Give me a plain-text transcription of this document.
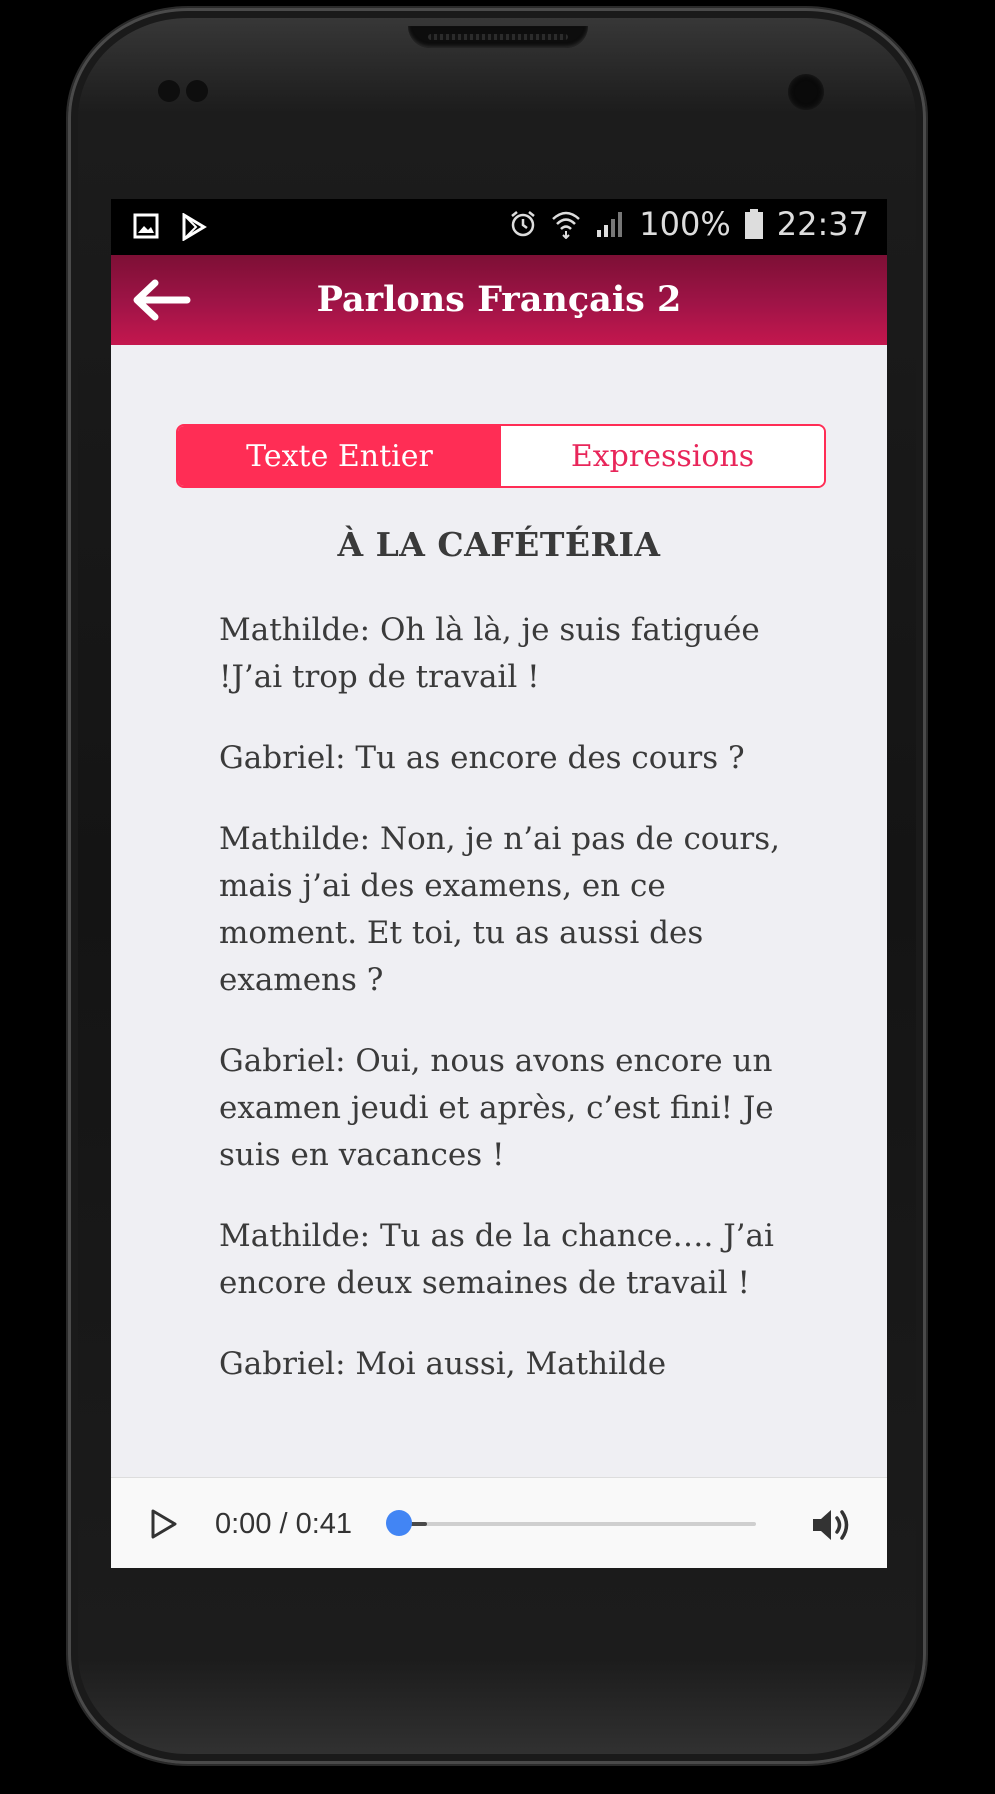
100% 22:37
Parlons Français 2
Texte Entier	Expressions
À LA CAFÉTÉRIA

Mathilde: Oh là là, je suis fatiguée !J’ai trop de travail !

Gabriel: Tu as encore des cours ?

Mathilde: Non, je n’ai pas de cours, mais j’ai des examens, en ce moment. Et toi, tu as aussi des examens ?

Gabriel: Oui, nous avons encore un examen jeudi et après, c’est fini! Je suis en vacances !

Mathilde: Tu as de la chance…. J’ai encore deux semaines de travail !

Gabriel: Moi aussi, Mathilde

0:00 / 0:41
